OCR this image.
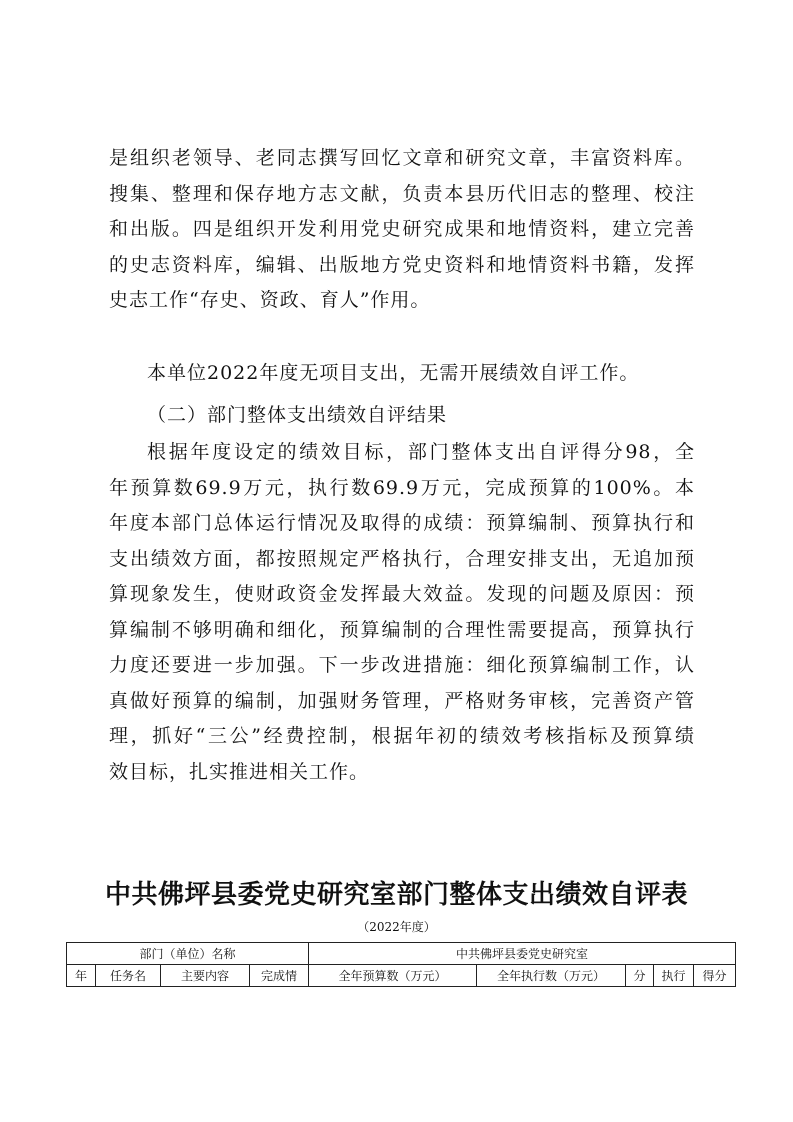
是组织老领导、老同志撰写回忆文章和研究文章，丰富资料库。
搜集、整理和保存地方志文献，负责本县历代旧志的整理、校注
和出版。四是组织开发利用党史研究成果和地情资料，建立完善
的史志资料库，编辑、出版地方党史资料和地情资料书籍，发挥
史志工作“存史、资政、育人”作用。

本单位2022年度无项目支出，无需开展绩效自评工作。

（二）部门整体支出绩效自评结果

根据年度设定的绩效目标，部门整体支出自评得分98，全
年预算数69.9万元，执行数69.9万元，完成预算的100%。本
年度本部门总体运行情况及取得的成绩：预算编制、预算执行和
支出绩效方面，都按照规定严格执行，合理安排支出，无追加预
算现象发生，使财政资金发挥最大效益。发现的问题及原因：预
算编制不够明确和细化，预算编制的合理性需要提高，预算执行
力度还要进一步加强。下一步改进措施：细化预算编制工作，认
真做好预算的编制，加强财务管理，严格财务审核，完善资产管
理，抓好“三公”经费控制，根据年初的绩效考核指标及预算绩
效目标，扎实推进相关工作。

中共佛坪县委党史研究室部门整体支出绩效自评表

（2022年度）

部门（单位）名称				中共佛坪县委党史研究室				
年	任务名	主要内容	完成情	全年预算数（万元）	全年执行数（万元）	分	执行	得分
